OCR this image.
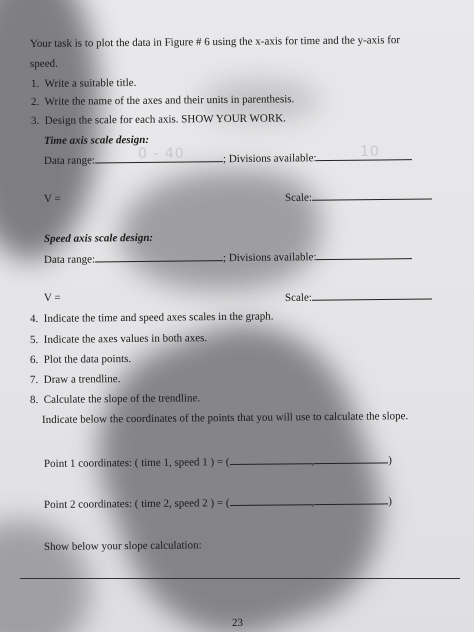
Your task is to plot the data in Figure # 6 using the x-axis for time and the y-axis for
speed.
1. Write a suitable title.
2. Write the name of the axes and their units in parenthesis.
3. Design the scale for each axis. SHOW YOUR WORK.
Time axis scale design:
Data range:	; Divisions available:
0 - 40	10
V =	Scale:
Speed axis scale design:
Data range:	; Divisions available:
V =	Scale:
4. Indicate the time and speed axes scales in the graph.
5. Indicate the axes values in both axes.
6. Plot the data points.
7. Draw a trendline.
8. Calculate the slope of the trendline.
Indicate below the coordinates of the points that you will use to calculate the slope.
Point 1 coordinates: ( time 1, speed 1 ) = (	,	)
Point 2 coordinates: ( time 2, speed 2 ) = (	,	)
Show below your slope calculation:
23
